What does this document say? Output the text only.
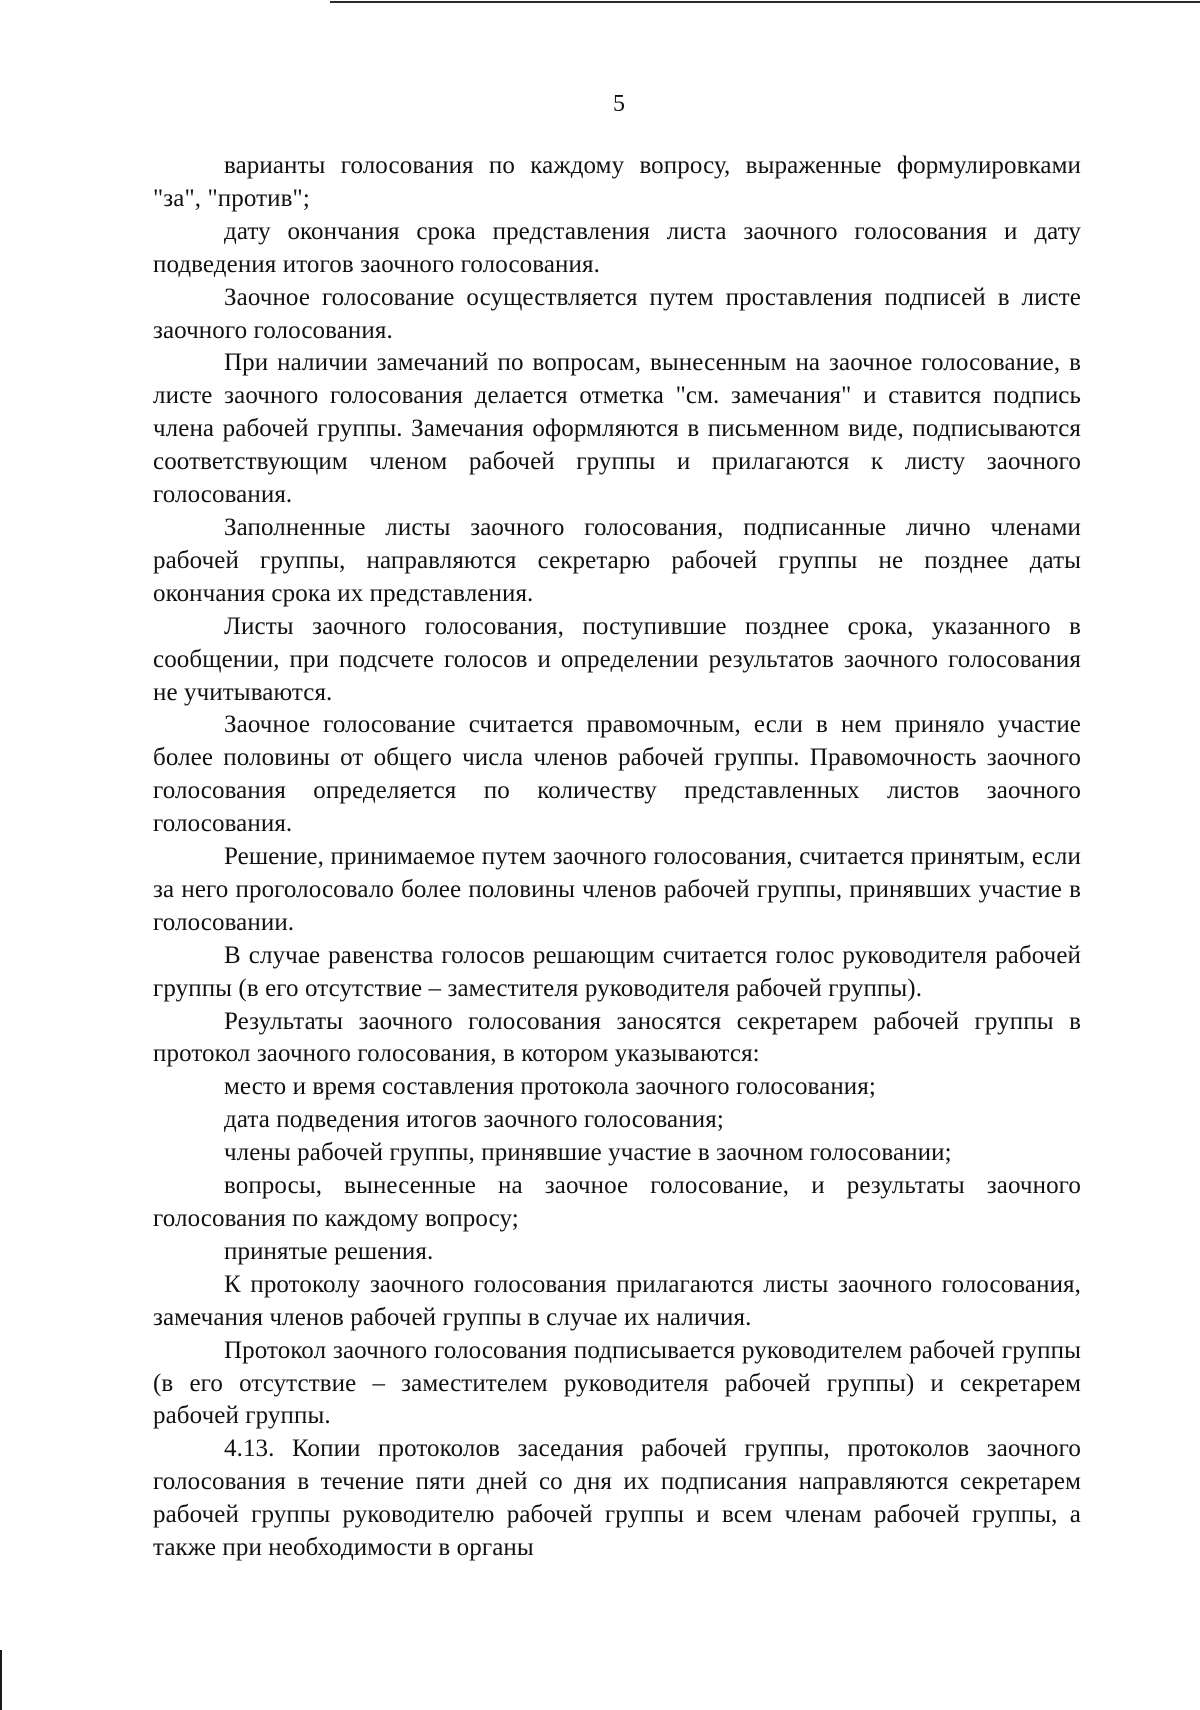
5

варианты голосования по каждому вопросу, выраженные формулировками "за", "против";

дату окончания срока представления листа заочного голосования и дату подведения итогов заочного голосования.

Заочное голосование осуществляется путем проставления подписей в листе заочного голосования.

При наличии замечаний по вопросам, вынесенным на заочное голосование, в листе заочного голосования делается отметка "см. замечания" и ставится подпись члена рабочей группы. Замечания оформляются в письменном виде, подписываются соответствующим членом рабочей группы и прилагаются к листу заочного голосования.

Заполненные листы заочного голосования, подписанные лично членами рабочей группы, направляются секретарю рабочей группы не позднее даты окончания срока их представления.

Листы заочного голосования, поступившие позднее срока, указанного в сообщении, при подсчете голосов и определении результатов заочного голосования не учитываются.

Заочное голосование считается правомочным, если в нем приняло участие более половины от общего числа членов рабочей группы. Правомочность заочного голосования определяется по количеству представленных листов заочного голосования.

Решение, принимаемое путем заочного голосования, считается принятым, если за него проголосовало более половины членов рабочей группы, принявших участие в голосовании.

В случае равенства голосов решающим считается голос руководителя рабочей группы (в его отсутствие – заместителя руководителя рабочей группы).

Результаты заочного голосования заносятся секретарем рабочей группы в протокол заочного голосования, в котором указываются:

место и время составления протокола заочного голосования;

дата подведения итогов заочного голосования;

члены рабочей группы, принявшие участие в заочном голосовании;

вопросы, вынесенные на заочное голосование, и результаты заочного голосования по каждому вопросу;

принятые решения.

К протоколу заочного голосования прилагаются листы заочного голосования, замечания членов рабочей группы в случае их наличия.

Протокол заочного голосования подписывается руководителем рабочей группы (в его отсутствие – заместителем руководителя рабочей группы) и секретарем рабочей группы.

4.13. Копии протоколов заседания рабочей группы, протоколов заочного голосования в течение пяти дней со дня их подписания направляются секретарем рабочей группы руководителю рабочей группы и всем членам рабочей группы, а также при необходимости в органы
